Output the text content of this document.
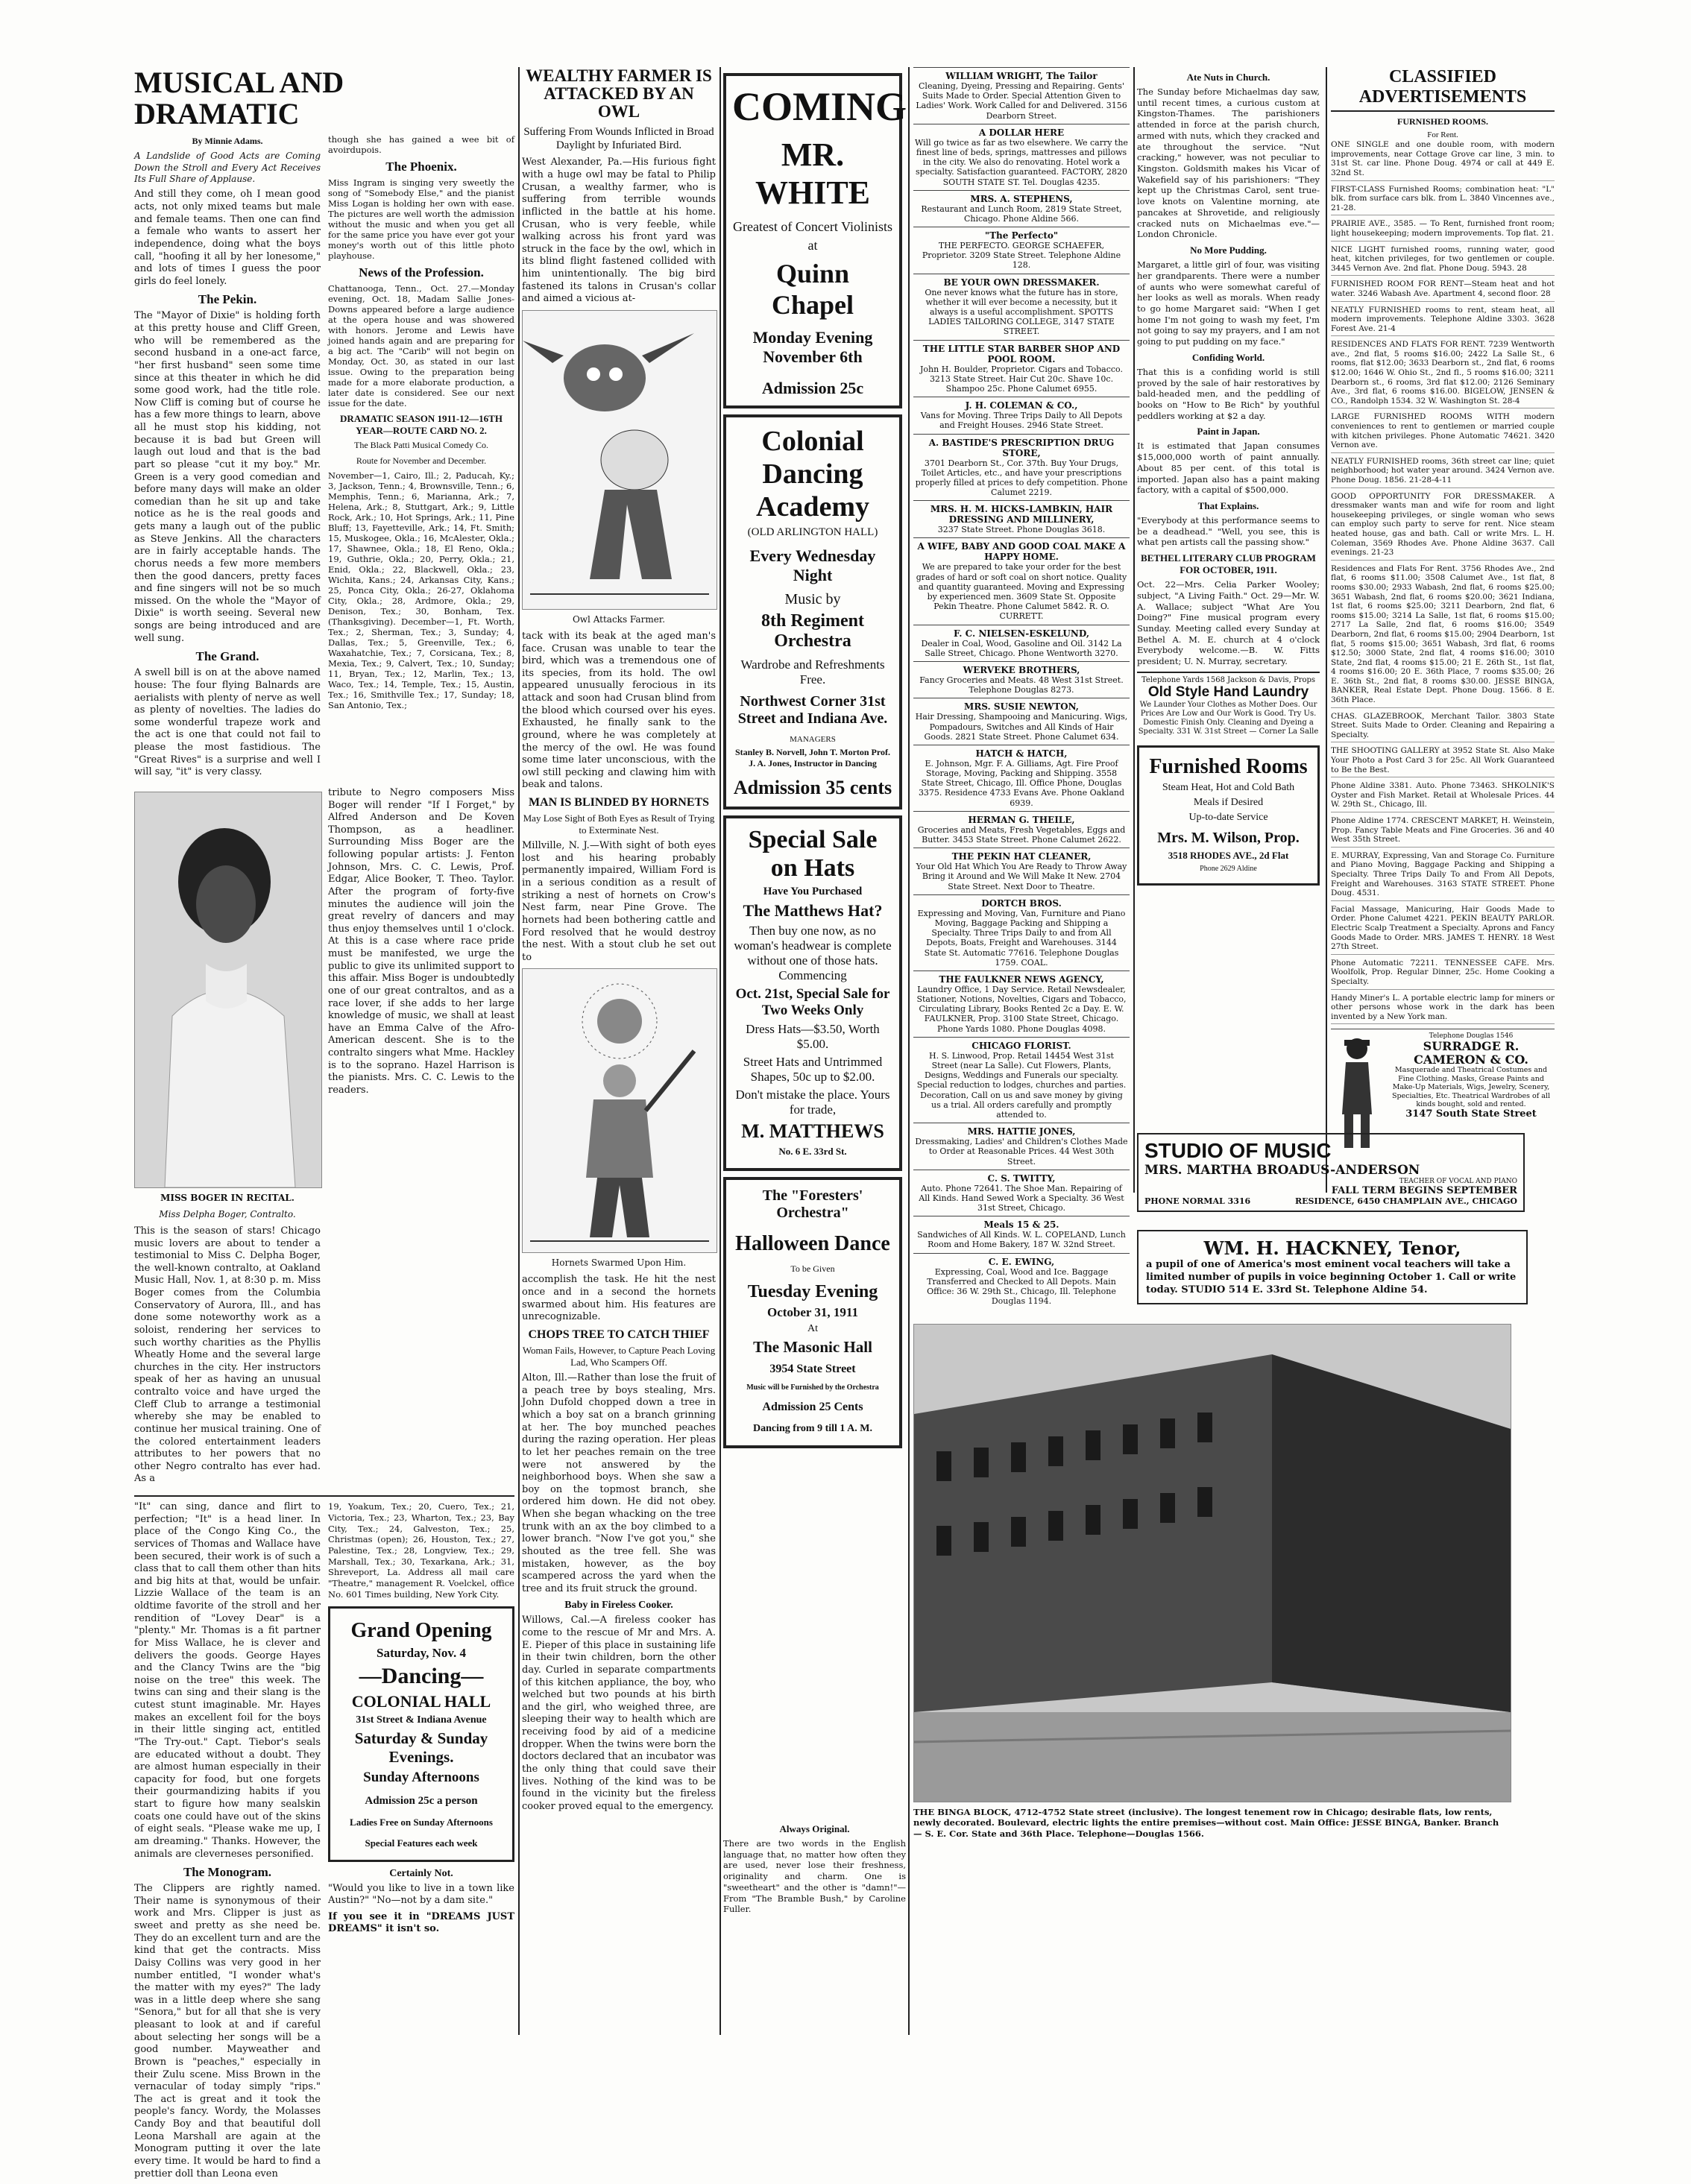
MUSICAL AND DRAMATIC
By Minnie Adams.

A Landslide of Good Acts are Coming Down the Stroll and Every Act Receives Its Full Share of Applause.

And still they come, oh I mean good acts, not only mixed teams but male and female teams. Then one can find a female who wants to assert her independence, doing what the boys call, "hoofing it all by her lonesome," and lots of times I guess the poor girls do feel lonely.

The Pekin.

The "Mayor of Dixie" is holding forth at this pretty house and Cliff Green, who will be remembered as the second husband in a one-act farce, "her first husband" seen some time since at this theater in which he did some good work, had the title role. Now Cliff is coming but of course he has a few more things to learn, above all he must stop his kidding, not because it is bad but Green will laugh out loud and that is the bad part so please "cut it my boy." Mr. Green is a very good comedian and before many days will make an older comedian than he sit up and take notice as he is the real goods and gets many a laugh out of the public as Steve Jenkins. All the characters are in fairly acceptable hands. The chorus needs a few more members then the good dancers, pretty faces and fine singers will not be so much missed. On the whole the "Mayor of Dixie" is worth seeing. Several new songs are being introduced and are well sung.

The Grand.

A swell bill is on at the above named house: The four flying Balnards are aerialists with plenty of nerve as well as plenty of novelties. The ladies do some wonderful trapeze work and the act is one that could not fail to please the most fastidious. The "Great Rives" is a surprise and well I will say, "it" is very classy.

though she has gained a wee bit of avoirdupois.

The Phoenix.

Miss Ingram is singing very sweetly the song of "Somebody Else," and the pianist Miss Logan is holding her own with ease. The pictures are well worth the admission without the music and when you get all for the same price you have ever got your money's worth out of this little photo playhouse.

News of the Profession.

Chattanooga, Tenn., Oct. 27.—Monday evening, Oct. 18, Madam Sallie Jones-Downs appeared before a large audience at the opera house and was showered with honors. Jerome and Lewis have joined hands again and are preparing for a big act. The "Carib" will not begin on Monday, Oct. 30, as stated in our last issue. Owing to the preparation being made for a more elaborate production, a later date is considered. See our next issue for the date.

DRAMATIC SEASON 1911-12—16TH YEAR—ROUTE CARD NO. 2.
The Black Patti Musical Comedy Co.
Route for November and December.

November—1, Cairo, Ill.; 2, Paducah, Ky.; 3, Jackson, Tenn.; 4, Brownsville, Tenn.; 6, Memphis, Tenn.; 6, Marianna, Ark.; 7, Helena, Ark.; 8, Stuttgart, Ark.; 9, Little Rock, Ark.; 10, Hot Springs, Ark.; 11, Pine Bluff; 13, Fayetteville, Ark.; 14, Ft. Smith; 15, Muskogee, Okla.; 16, McAlester, Okla.; 17, Shawnee, Okla.; 18, El Reno, Okla.; 19, Guthrie, Okla.; 20, Perry, Okla.; 21, Enid, Okla.; 22, Blackwell, Okla.; 23, Wichita, Kans.; 24, Arkansas City, Kans.; 25, Ponca City, Okla.; 26-27, Oklahoma City, Okla.; 28, Ardmore, Okla.; 29, Denison, Tex.; 30, Bonham, Tex. (Thanksgiving). December—1, Ft. Worth, Tex.; 2, Sherman, Tex.; 3, Sunday; 4, Dallas, Tex.; 5, Greenville, Tex.; 6, Waxahatchie, Tex.; 7, Corsicana, Tex.; 8, Mexia, Tex.; 9, Calvert, Tex.; 10, Sunday; 11, Bryan, Tex.; 12, Marlin, Tex.; 13, Waco, Tex.; 14, Temple, Tex.; 15, Austin, Tex.; 16, Smithville Tex.; 17, Sunday; 18, San Antonio, Tex.;

MISS BOGER IN RECITAL.
Miss Delpha Boger, Contralto.

This is the season of stars! Chicago music lovers are about to tender a testimonial to Miss C. Delpha Boger, the well-known contralto, at Oakland Music Hall, Nov. 1, at 8:30 p. m. Miss Boger comes from the Columbia Conservatory of Aurora, Ill., and has done some noteworthy work as a soloist, rendering her services to such worthy charities as the Phyllis Wheatly Home and the several large churches in the city. Her instructors speak of her as having an unusual contralto voice and have urged the Cleff Club to arrange a testimonial whereby she may be enabled to continue her musical training. One of the colored entertainment leaders attributes to her powers that no other Negro contralto has ever had. As a

tribute to Negro composers Miss Boger will render "If I Forget," by Alfred Anderson and De Koven Thompson, as a headliner. Surrounding Miss Boger are the following popular artists: J. Fenton Johnson, Mrs. C. C. Lewis, Prof. Edgar, Alice Booker, T. Theo. Taylor. After the program of forty-five minutes the audience will join the great revelry of dancers and may thus enjoy themselves until 1 o'clock. At this is a case where race pride must be manifested, we urge the public to give its unlimited support to this affair. Miss Boger is undoubtedly one of our great contraltos, and as a race lover, if she adds to her large knowledge of music, we shall at least have an Emma Calve of the Afro-American descent. She is to the contralto singers what Mme. Hackley is to the soprano. Hazel Harrison is the pianists. Mrs. C. C. Lewis to the readers.

"It" can sing, dance and flirt to perfection; "It" is a head liner. In place of the Congo King Co., the services of Thomas and Wallace have been secured, their work is of such a class that to call them other than hits and big hits at that, would be unfair. Lizzie Wallace of the team is an oldtime favorite of the stroll and her rendition of "Lovey Dear" is a "plenty." Mr. Thomas is a fit partner for Miss Wallace, he is clever and delivers the goods. George Hayes and the Clancy Twins are the "big noise on the tree" this week. The twins can sing and their slang is the cutest stunt imaginable. Mr. Hayes makes an excellent foil for the boys in their little singing act, entitled "The Try-out." Capt. Tiebor's seals are educated without a doubt. They are almost human especially in their capacity for food, but one forgets their gourmandizing habits if you start to figure how many sealskin coats one could have out of the skins of eight seals. "Please wake me up, I am dreaming." Thanks. However, the animals are cleverneses personified.

The Monogram.

The Clippers are rightly named. Their name is synonymous of their work and Mrs. Clipper is just as sweet and pretty as she need be. They do an excellent turn and are the kind that get the contracts. Miss Daisy Collins was very good in her number entitled, "I wonder what's the matter with my eyes?" The lady was in a little deep where she sang "Senora," but for all that she is very pleasant to look at and if careful about selecting her songs will be a good number. Mayweather and Brown is "peaches," especially in their Zulu scene. Miss Brown in the vernacular of today simply "rips." The act is great and it took the people's fancy. Wordy, the Molasses Candy Boy and that beautiful doll Leona Marshall are again at the Monogram putting it over the late every time. It would be hard to find a prettier doll than Leona even

19, Yoakum, Tex.; 20, Cuero, Tex.; 21, Victoria, Tex.; 23, Wharton, Tex.; 23, Bay City, Tex.; 24, Galveston, Tex.; 25, Christmas (open); 26, Houston, Tex.; 27, Palestine, Tex.; 28, Longview, Tex.; 29, Marshall, Tex.; 30, Texarkana, Ark.; 31, Shreveport, La. Address all mail care "Theatre," management R. Voelckel, office No. 601 Times building, New York City.

Grand Opening
Saturday, Nov. 4
—Dancing—
COLONIAL HALL
31st Street & Indiana Avenue
Saturday & Sunday Evenings.
Sunday Afternoons
Admission 25c a person
Ladies Free on Sunday Afternoons
Special Features each week
Certainly Not.

"Would you like to live in a town like Austin?" "No—not by a dam site."

If you see it in "DREAMS JUST DREAMS" it isn't so.

WEALTHY FARMER IS ATTACKED BY AN OWL
Suffering From Wounds Inflicted in Broad Daylight by Infuriated Bird.

West Alexander, Pa.—His furious fight with a huge owl may be fatal to Philip Crusan, a wealthy farmer, who is suffering from terrible wounds inflicted in the battle at his home. Crusan, who is very feeble, while walking across his front yard was struck in the face by the owl, which in its blind flight fastened collided with him unintentionally. The big bird fastened its talons in Crusan's collar and aimed a vicious at-

Owl Attacks Farmer.

tack with its beak at the aged man's face. Crusan was unable to tear the bird, which was a tremendous one of its species, from its hold. The owl appeared unusually ferocious in its attack and soon had Crusan blind from the blood which coursed over his eyes. Exhausted, he finally sank to the ground, where he was completely at the mercy of the owl. He was found some time later unconscious, with the owl still pecking and clawing him with beak and talons.

MAN IS BLINDED BY HORNETS
May Lose Sight of Both Eyes as Result of Trying to Exterminate Nest.

Millville, N. J.—With sight of both eyes lost and his hearing probably permanently impaired, William Ford is in a serious condition as a result of striking a nest of hornets on Crow's Nest farm, near Pine Grove. The hornets had been bothering cattle and Ford resolved that he would destroy the nest. With a stout club he set out to

Hornets Swarmed Upon Him.

accomplish the task. He hit the nest once and in a second the hornets swarmed about him. His features are unrecognizable.

CHOPS TREE TO CATCH THIEF
Woman Fails, However, to Capture Peach Loving Lad, Who Scampers Off.

Alton, Ill.—Rather than lose the fruit of a peach tree by boys stealing, Mrs. John Dufold chopped down a tree in which a boy sat on a branch grinning at her. The boy munched peaches during the razing operation. Her pleas to let her peaches remain on the tree were not answered by the neighborhood boys. When she saw a boy on the topmost branch, she ordered him down. He did not obey. When she began whacking on the tree trunk with an ax the boy climbed to a lower branch. "Now I've got you," she shouted as the tree fell. She was mistaken, however, as the boy scampered across the yard when the tree and its fruit struck the ground.

Baby in Fireless Cooker.

Willows, Cal.—A fireless cooker has come to the rescue of Mr and Mrs. A. E. Pieper of this place in sustaining life in their twin children, born the other day. Curled in separate compartments of this kitchen appliance, the boy, who welched but two pounds at his birth and the girl, who weighed three, are sleeping their way to health which are receiving food by aid of a medicine dropper. When the twins were born the doctors declared that an incubator was the only thing that could save their lives. Nothing of the kind was to be found in the vicinity but the fireless cooker proved equal to the emergency.

COMING
MR. WHITE
Greatest of Concert Violinists
at
Quinn Chapel
Monday Evening November 6th
Admission 25c
Colonial Dancing Academy
(OLD ARLINGTON HALL)
Every Wednesday Night
Music by
8th Regiment Orchestra
Wardrobe and Refreshments Free.
Northwest Corner 31st Street and Indiana Ave.
MANAGERS
Stanley B. Norvell, John T. Morton Prof. J. A. Jones, Instructor in Dancing
Admission 35 cents
Special Sale on Hats
Have You Purchased
The Matthews Hat?
Then buy one now, as no woman's headwear is complete without one of those hats. Commencing
Oct. 21st, Special Sale for Two Weeks Only
Dress Hats—$3.50, Worth $5.00.
Street Hats and Untrimmed Shapes, 50c up to $2.00.
Don't mistake the place. Yours for trade,
M. MATTHEWS
No. 6 E. 33rd St.
The "Foresters' Orchestra"
Halloween Dance
To be Given
Tuesday Evening
October 31, 1911
At
The Masonic Hall
3954 State Street
Music will be Furnished by the Orchestra
Admission 25 Cents
Dancing from 9 till 1 A. M.
WILLIAM WRIGHT, The Tailor
Cleaning, Dyeing, Pressing and Repairing. Gents' Suits Made to Order. Special Attention Given to Ladies' Work. Work Called for and Delivered. 3156 Dearborn Street.
A DOLLAR HERE
Will go twice as far as two elsewhere. We carry the finest line of beds, springs, mattresses and pillows in the city. We also do renovating. Hotel work a specialty. Satisfaction guaranteed. FACTORY, 2820 SOUTH STATE ST. Tel. Douglas 4235.
MRS. A. STEPHENS,
Restaurant and Lunch Room, 2819 State Street, Chicago. Phone Aldine 566.
"The Perfecto"
THE PERFECTO. GEORGE SCHAEFER, Proprietor. 3209 State Street. Telephone Aldine 128.
BE YOUR OWN DRESSMAKER.
One never knows what the future has in store, whether it will ever become a necessity, but it always is a useful accomplishment. SPOTTS LADIES TAILORING COLLEGE, 3147 STATE STREET.
THE LITTLE STAR BARBER SHOP AND POOL ROOM.
John H. Boulder, Proprietor. Cigars and Tobacco. 3213 State Street. Hair Cut 20c. Shave 10c. Shampoo 25c. Phone Calumet 6955.
J. H. COLEMAN & CO.,
Vans for Moving. Three Trips Daily to All Depots and Freight Houses. 2946 State Street.
A. BASTIDE'S PRESCRIPTION DRUG STORE,
3701 Dearborn St., Cor. 37th. Buy Your Drugs, Toilet Articles, etc., and have your prescriptions properly filled at prices to defy competition. Phone Calumet 2219.
MRS. H. M. HICKS-LAMBKIN, HAIR DRESSING AND MILLINERY,
3237 State Street. Phone Douglas 3618.
A WIFE, BABY AND GOOD COAL MAKE A HAPPY HOME.
We are prepared to take your order for the best grades of hard or soft coal on short notice. Quality and quantity guaranteed. Moving and Expressing by experienced men. 3609 State St. Opposite Pekin Theatre. Phone Calumet 5842. R. O. CURRETT.
F. C. NIELSEN-ESKELUND,
Dealer in Coal, Wood, Gasoline and Oil. 3142 La Salle Street, Chicago. Phone Wentworth 3270.
WERVEKE BROTHERS,
Fancy Groceries and Meats. 48 West 31st Street. Telephone Douglas 8273.
MRS. SUSIE NEWTON,
Hair Dressing, Shampooing and Manicuring. Wigs, Pompadours, Switches and All Kinds of Hair Goods. 2821 State Street. Phone Calumet 634.
HATCH & HATCH,
E. Johnson, Mgr. F. A. Gilliams, Agt. Fire Proof Storage, Moving, Packing and Shipping. 3558 State Street, Chicago, Ill. Office Phone, Douglas 3375. Residence 4733 Evans Ave. Phone Oakland 6939.
HERMAN G. THEILE,
Groceries and Meats, Fresh Vegetables, Eggs and Butter. 3453 State Street. Phone Calumet 2622.
THE PEKIN HAT CLEANER,
Your Old Hat Which You Are Ready to Throw Away Bring it Around and We Will Make It New. 2704 State Street. Next Door to Theatre.
DORTCH BROS.
Expressing and Moving, Van, Furniture and Piano Moving, Baggage Packing and Shipping a Specialty. Three Trips Daily to and from All Depots, Boats, Freight and Warehouses. 3144 State St. Automatic 77616. Telephone Douglas 1759. COAL.
THE FAULKNER NEWS AGENCY,
Laundry Office, 1 Day Service. Retail Newsdealer, Stationer, Notions, Novelties, Cigars and Tobacco, Circulating Library, Books Rented 2c a Day. E. W. FAULKNER, Prop. 3100 State Street, Chicago. Phone Yards 1080. Phone Douglas 4098.
CHICAGO FLORIST.
H. S. Linwood, Prop. Retail 14454 West 31st Street (near La Salle). Cut Flowers, Plants, Designs, Weddings and Funerals our specialty. Special reduction to lodges, churches and parties. Decoration, Call on us and save money by giving us a trial. All orders carefully and promptly attended to.
MRS. HATTIE JONES,
Dressmaking, Ladies' and Children's Clothes Made to Order at Reasonable Prices. 44 West 30th Street.
C. S. TWITTY,
Auto. Phone 72641. The Shoe Man. Repairing of All Kinds. Hand Sewed Work a Specialty. 36 West 31st Street, Chicago.
Meals 15 & 25.
Sandwiches of All Kinds. W. L. COPELAND, Lunch Room and Home Bakery, 187 W. 32nd Street.
C. E. EWING,
Expressing, Coal, Wood and Ice. Baggage Transferred and Checked to All Depots. Main Office: 36 W. 29th St., Chicago, Ill. Telephone Douglas 1194.
Ate Nuts in Church.

The Sunday before Michaelmas day saw, until recent times, a curious custom at Kingston-Thames. The parishioners attended in force at the parish church, armed with nuts, which they cracked and ate throughout the service. "Nut cracking," however, was not peculiar to Kingston. Goldsmith makes his Vicar of Wakefield say of his parishioners: "They kept up the Christmas Carol, sent true-love knots on Valentine morning, ate pancakes at Shrovetide, and religiously cracked nuts on Michaelmas eve."—London Chronicle.

No More Pudding.

Margaret, a little girl of four, was visiting her grandparents. There were a number of aunts who were somewhat careful of her looks as well as morals. When ready to go home Margaret said: "When I get home I'm not going to wash my feet, I'm not going to say my prayers, and I am not going to put pudding on my face."

Confiding World.

That this is a confiding world is still proved by the sale of hair restoratives by bald-headed men, and the peddling of books on "How to Be Rich" by youthful peddlers working at $2 a day.

Paint in Japan.

It is estimated that Japan consumes $15,000,000 worth of paint annually. About 85 per cent. of this total is imported. Japan also has a paint making factory, with a capital of $500,000.

That Explains.

"Everybody at this performance seems to be a deadhead." "Well, you see, this is what pen artists call the passing show."

BETHEL LITERARY CLUB PROGRAM FOR OCTOBER, 1911.

Oct. 22—Mrs. Celia Parker Wooley; subject, "A Living Faith." Oct. 29—Mr. W. A. Wallace; subject "What Are You Doing?" Fine musical program every Sunday. Meeting called every Sunday at Bethel A. M. E. church at 4 o'clock Everybody welcome.—B. W. Fitts president; U. N. Murray, secretary.

Telephone Yards 1568 Jackson & Davis, Props
Old Style Hand Laundry
We Launder Your Clothes as Mother Does. Our Prices Are Low and Our Work is Good. Try Us. Domestic Finish Only. Cleaning and Dyeing a Specialty. 331 W. 31st Street — Corner La Salle
Furnished Rooms
Steam Heat, Hot and Cold Bath
Meals if Desired
Up-to-date Service
Mrs. M. Wilson, Prop.
3518 RHODES AVE., 2d Flat
Phone 2629 Aldine
CLASSIFIED ADVERTISEMENTS
FURNISHED ROOMS.
For Rent.

ONE SINGLE and one double room, with modern improvements, near Cottage Grove car line, 3 min. to 31st St. car line. Phone Doug. 4974 or call at 449 E. 32nd St.

FIRST-CLASS Furnished Rooms; combination heat: "L" blk. from surface cars blk. from L. 3840 Vincennes ave., 21-28.

PRAIRIE AVE., 3585. — To Rent, furnished front room; light housekeeping; modern improvements. Top flat. 21.

NICE LIGHT furnished rooms, running water, good heat, kitchen privileges, for two gentlemen or couple. 3445 Vernon Ave. 2nd flat. Phone Doug. 5943. 28

FURNISHED ROOM FOR RENT—Steam heat and hot water. 3246 Wabash Ave. Apartment 4, second floor. 28

NEATLY FURNISHED rooms to rent, steam heat, all modern improvements. Telephone Aldine 3303. 3628 Forest Ave. 21-4

RESIDENCES AND FLATS FOR RENT. 7239 Wentworth ave., 2nd flat, 5 rooms $16.00; 2422 La Salle St., 6 rooms, flat $12.00; 3633 Dearborn st., 2nd flat, 6 rooms $12.00; 1646 W. Ohio St., 2nd fl., 5 rooms $16.00; 3211 Dearborn st., 6 rooms, 3rd flat $12.00; 2126 Seminary Ave., 3rd flat, 6 rooms $16.00. BIGELOW, JENSEN & CO., Randolph 1534. 32 W. Washington St. 28-4

LARGE FURNISHED ROOMS WITH modern conveniences to rent to gentlemen or married couple with kitchen privileges. Phone Automatic 74621. 3420 Vernon ave.

NEATLY FURNISHED rooms, 36th street car line; quiet neighborhood; hot water year around. 3424 Vernon ave. Phone Doug. 1856. 21-28-4-11

GOOD OPPORTUNITY FOR DRESSMAKER. A dressmaker wants man and wife for room and light housekeeping privileges, or single woman who sews can employ such party to serve for rent. Nice steam heated house, gas and bath. Call or write Mrs. L. H. Coleman, 3569 Rhodes Ave. Phone Aldine 3637. Call evenings. 21-23

Residences and Flats For Rent. 3756 Rhodes Ave., 2nd flat, 6 rooms $11.00; 3508 Calumet Ave., 1st flat, 8 rooms $30.00; 2933 Wabash, 2nd flat, 6 rooms $25.00; 3651 Wabash, 2nd flat, 6 rooms $20.00; 3621 Indiana, 1st flat, 6 rooms $25.00; 3211 Dearborn, 2nd flat, 6 rooms $15.00; 3214 La Salle, 1st flat, 6 rooms $15.00; 2717 La Salle, 2nd flat, 6 rooms $16.00; 3549 Dearborn, 2nd flat, 6 rooms $15.00; 2904 Dearborn, 1st flat, 5 rooms $15.00; 3651 Wabash, 3rd flat, 6 rooms $12.50; 3000 State, 2nd flat, 4 rooms $16.00; 3010 State, 2nd flat, 4 rooms $15.00; 21 E. 26th St., 1st flat, 4 rooms $16.00; 20 E. 36th Place, 7 rooms $35.00; 26 E. 36th St., 2nd flat, 8 rooms $30.00. JESSE BINGA, BANKER, Real Estate Dept. Phone Doug. 1566. 8 E. 36th Place.

CHAS. GLAZEBROOK, Merchant Tailor. 3803 State Street. Suits Made to Order. Cleaning and Repairing a Specialty.

THE SHOOTING GALLERY at 3952 State St. Also Make Your Photo a Post Card 3 for 25c. All Work Guaranteed to Be the Best.

Phone Aldine 3381. Auto. Phone 73463. SHKOLNIK'S Oyster and Fish Market. Retail at Wholesale Prices. 44 W. 29th St., Chicago, Ill.

Phone Aldine 1774. CRESCENT MARKET, H. Weinstein, Prop. Fancy Table Meats and Fine Groceries. 36 and 40 West 35th Street.

E. MURRAY, Expressing, Van and Storage Co. Furniture and Piano Moving, Baggage Packing and Shipping a Specialty. Three Trips Daily To and From All Depots, Freight and Warehouses. 3163 STATE STREET. Phone Doug. 4531.

Facial Massage, Manicuring, Hair Goods Made to Order. Phone Calumet 4221. PEKIN BEAUTY PARLOR. Electric Scalp Treatment a Specialty. Aprons and Fancy Goods Made to Order. MRS. JAMES T. HENRY. 18 West 27th Street.

Phone Automatic 72211. TENNESSEE CAFE. Mrs. Woolfolk, Prop. Regular Dinner, 25c. Home Cooking a Specialty.

Handy Miner's L. A portable electric lamp for miners or other persons whose work in the dark has been invented by a New York man.

Telephone Douglas 1546
SURRADGE R. CAMERON & CO.
Masquerade and Theatrical Costumes and Fine Clothing. Masks, Grease Paints and Make-Up Materials, Wigs, Jewelry, Scenery, Specialties, Etc. Theatrical Wardrobes of all kinds bought, sold and rented.
3147 South State Street
STUDIO OF MUSIC
MRS. MARTHA BROADUS-ANDERSON
TEACHER OF VOCAL AND PIANO
FALL TERM BEGINS SEPTEMBER
PHONE NORMAL 3316	RESIDENCE, 6450 CHAMPLAIN AVE., CHICAGO
WM. H. HACKNEY, Tenor,
a pupil of one of America's most eminent vocal teachers will take a limited number of pupils in voice beginning October 1. Call or write today. STUDIO 514 E. 33rd St. Telephone Aldine 54.
THE BINGA BLOCK, 4712-4752 State street (inclusive). The longest tenement row in Chicago; desirable flats, low rents, newly decorated. Boulevard, electric lights the entire premises—without cost. Main Office: JESSE BINGA, Banker. Branch — S. E. Cor. State and 36th Place. Telephone—Douglas 1566.
Always Original.

There are two words in the English language that, no matter how often they are used, never lose their freshness, originality and charm. One is "sweetheart" and the other is "damn!"—From "The Bramble Bush," by Caroline Fuller.
